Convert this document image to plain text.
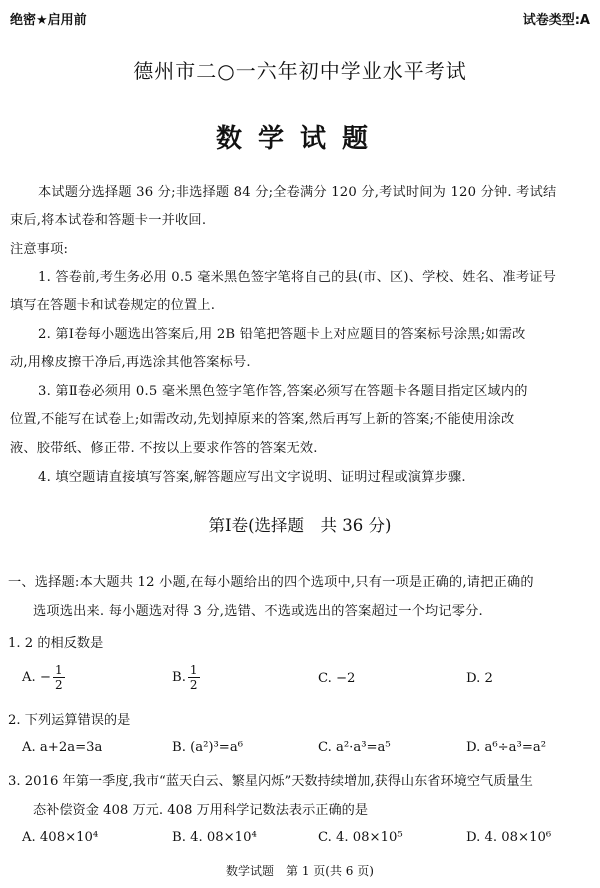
绝密★启用前	试卷类型:A
德州市二○一六年初中学业水平考试
数学试题
本试题分选择题 36 分;非选择题 84 分;全卷满分 120 分,考试时间为 120 分钟. 考试结
束后,将本试卷和答题卡一并收回.
注意事项:
1. 答卷前,考生务必用 0.5 毫米黑色签字笔将自己的县(市、区)、学校、姓名、准考证号
填写在答题卡和试卷规定的位置上.
2. 第Ⅰ卷每小题选出答案后,用 2B 铅笔把答题卡上对应题目的答案标号涂黑;如需改
动,用橡皮擦干净后,再选涂其他答案标号.
3. 第Ⅱ卷必须用 0.5 毫米黑色签字笔作答,答案必须写在答题卡各题目指定区域内的
位置,不能写在试卷上;如需改动,先划掉原来的答案,然后再写上新的答案;不能使用涂改
液、胶带纸、修正带. 不按以上要求作答的答案无效.
4. 填空题请直接填写答案,解答题应写出文字说明、证明过程或演算步骤.
第Ⅰ卷(选择题　共 36 分)
一、选择题:本大题共 12 小题,在每小题给出的四个选项中,只有一项是正确的,请把正确的
选项选出来. 每小题选对得 3 分,选错、不选或选出的答案超过一个均记零分.
1. 2 的相反数是
A. − $\frac{1}{2}$	B. $\frac{1}{2}$	C. −2	D. 2
2. 下列运算错误的是
A. a+2a=3a	B. (a²)³=a⁶	C. a²·a³=a⁵	D. a⁶÷a³=a²
3. 2016 年第一季度,我市“蓝天白云、繁星闪烁”天数持续增加,获得山东省环境空气质量生
态补偿资金 408 万元. 408 万用科学记数法表示正确的是
A. 408×10⁴	B. 4. 08×10⁴	C. 4. 08×10⁵	D. 4. 08×10⁶
数学试题　第 1 页(共 6 页)
